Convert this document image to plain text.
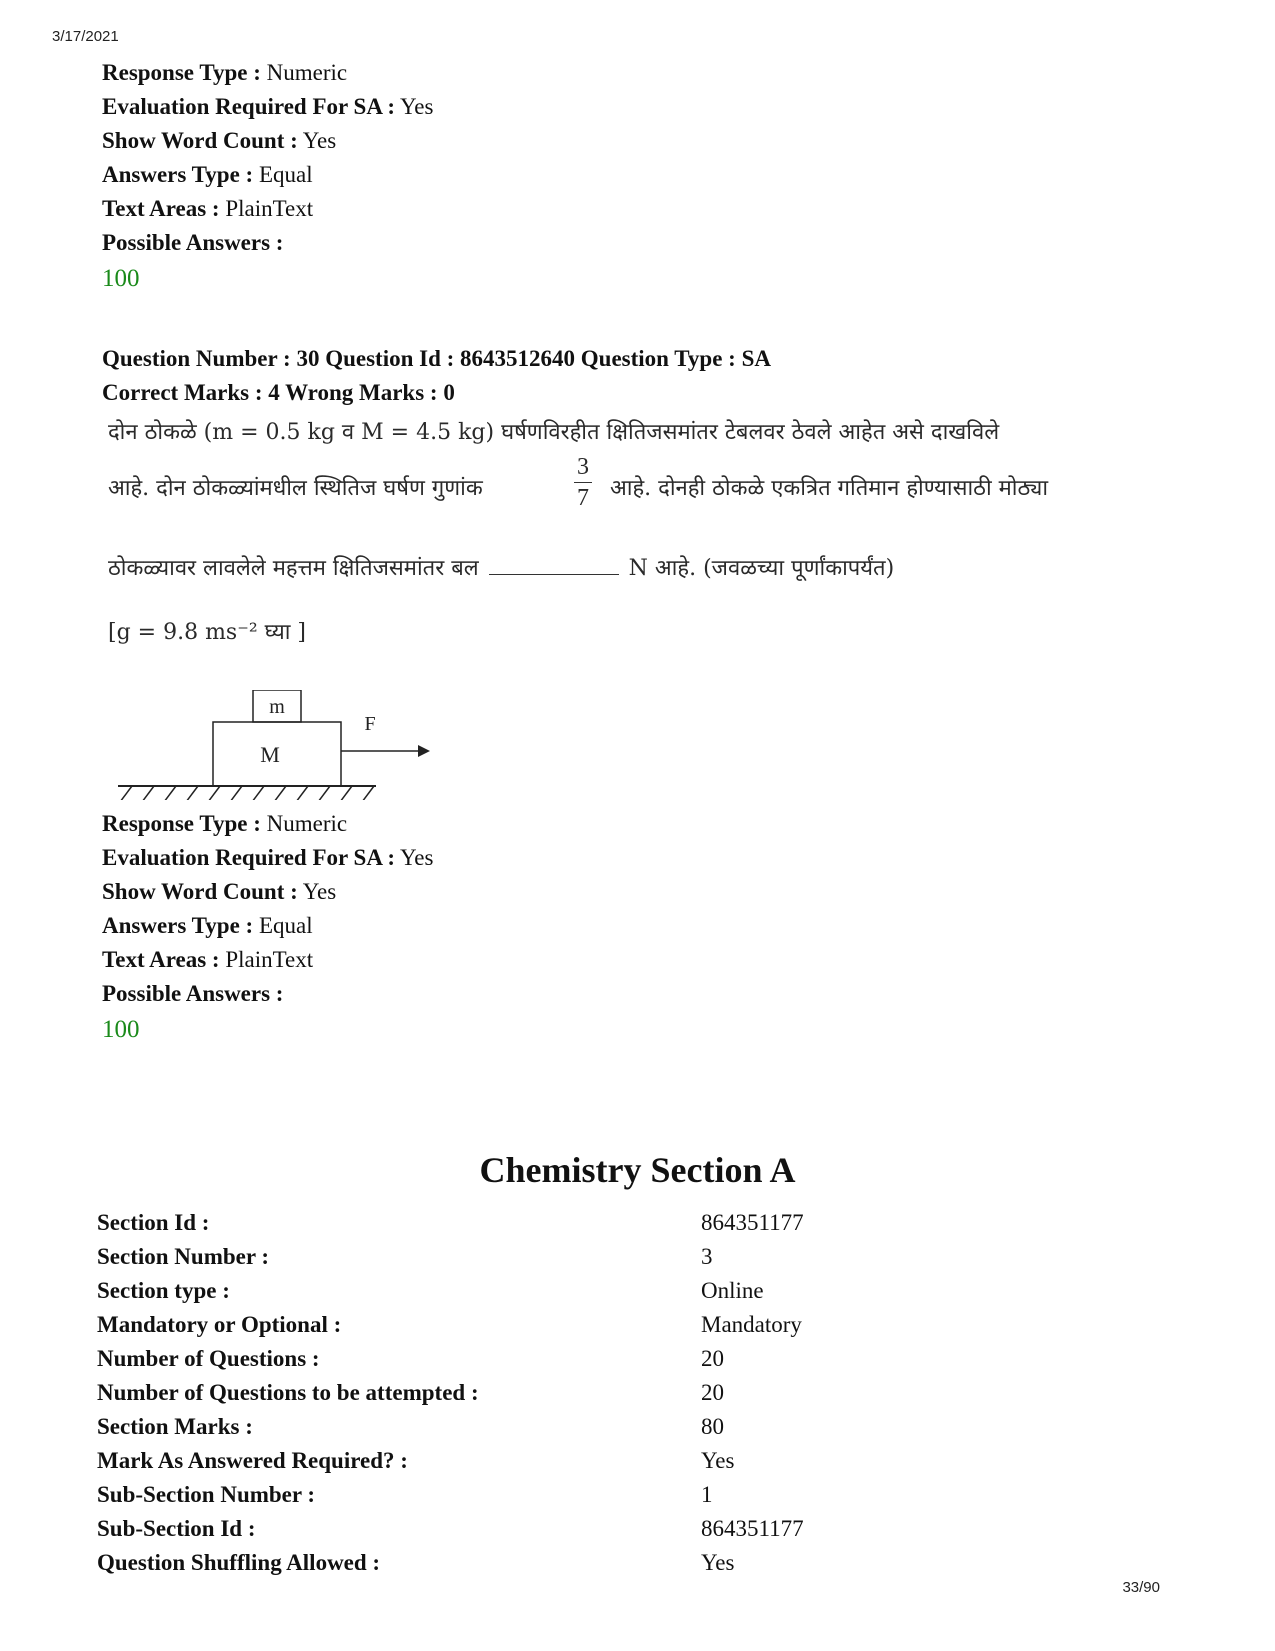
3/17/2021
Response Type : Numeric
Evaluation Required For SA : Yes
Show Word Count : Yes
Answers Type : Equal
Text Areas : PlainText
Possible Answers :
100
Question Number : 30 Question Id : 8643512640 Question Type : SA
Correct Marks : 4 Wrong Marks : 0
दोन ठोकळे (m = 0.5 kg व M = 4.5 kg) घर्षणविरहीत क्षितिजसमांतर टेबलवर ठेवले आहेत असे दाखविले
आहे. दोन ठोकळ्यांमधील स्थितिज घर्षण गुणांक
3
7 आहे. दोनही ठोकळे एकत्रित गतिमान होण्यासाठी मोठ्या
ठोकळ्यावर लावलेले महत्तम क्षितिजसमांतर बल	N आहे. (जवळच्या पूर्णांकापर्यंत)
[g = 9.8 ms⁻² घ्या ]
m
M
F
Response Type : Numeric
Evaluation Required For SA : Yes
Show Word Count : Yes
Answers Type : Equal
Text Areas : PlainText
Possible Answers :
100
Chemistry Section A
Section Id :	864351177
Section Number :	3
Section type :	Online
Mandatory or Optional :	Mandatory
Number of Questions :	20
Number of Questions to be attempted :	20
Section Marks :	80
Mark As Answered Required? :	Yes
Sub-Section Number :	1
Sub-Section Id :	864351177
Question Shuffling Allowed :	Yes
33/90
